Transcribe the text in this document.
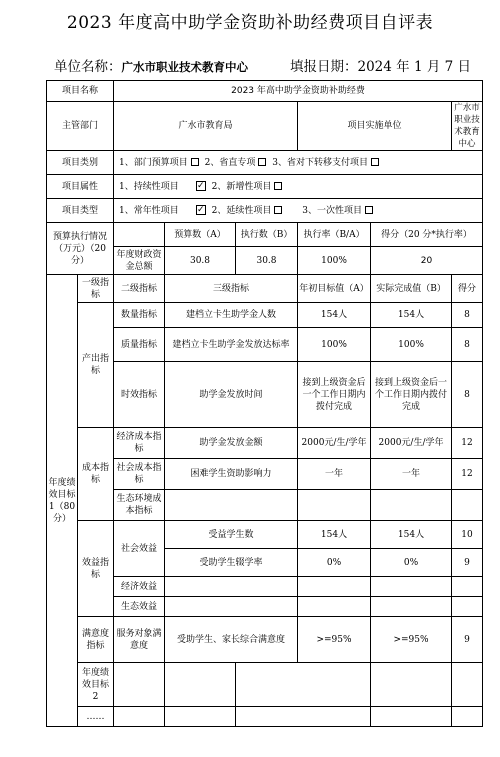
2023 年度高中助学金资助补助经费项目自评表
单位名称：广水市职业技术教育中心	填报日期：2024 年 1 月 7 日
项目名称		2023 年高中助学金资助补助经费						
主管部门		广水市教育局			项目实施单位		广水市职业技术教育中心	
项目类别		1、部门预算项目 2、省直专项 3、省对下转移支付项目						
项目属性		1、持续性项目 ✓ 2、新增性项目						
项目类型		1、常年性项目 ✓ 2、延续性项目 3、一次性项目						
预算执行情况（万元）（20 分）			预算数（A）	执行数（B）	执行率（B/A）	得分（20 分*执行率）		
		年度财政资金总额	30.8	30.8	100%	20		
年度绩效目标 1（80 分）	一级指标	二级指标	三级指标		年初目标值（A）	实际完成值（B）	得分	
	产出指标	数量指标	建档立卡生助学金人数		154人	154人	8	
		质量指标	建档立卡生助学金发放达标率		100%	100%	8	
		时效指标	助学金发放时间		接到上级资金后一个工作日期内拨付完成	接到上级资金后一个工作日期内拨付完成	8	
	成本指标	经济成本指标	助学金发放金额		2000元/生/学年	2000元/生/学年	12	
		社会成本指标	困难学生资助影响力		一年	一年	12	
		生态环境成本指标						
	效益指标	社会效益	受益学生数		154人	154人	10	
			受助学生辍学率		0%	0%	9	
		经济效益						
		生态效益						
	满意度指标	服务对象满意度	受助学生、家长综合满意度		>=95%	>=95%	9	
	年度绩效目标 2							
	……							
